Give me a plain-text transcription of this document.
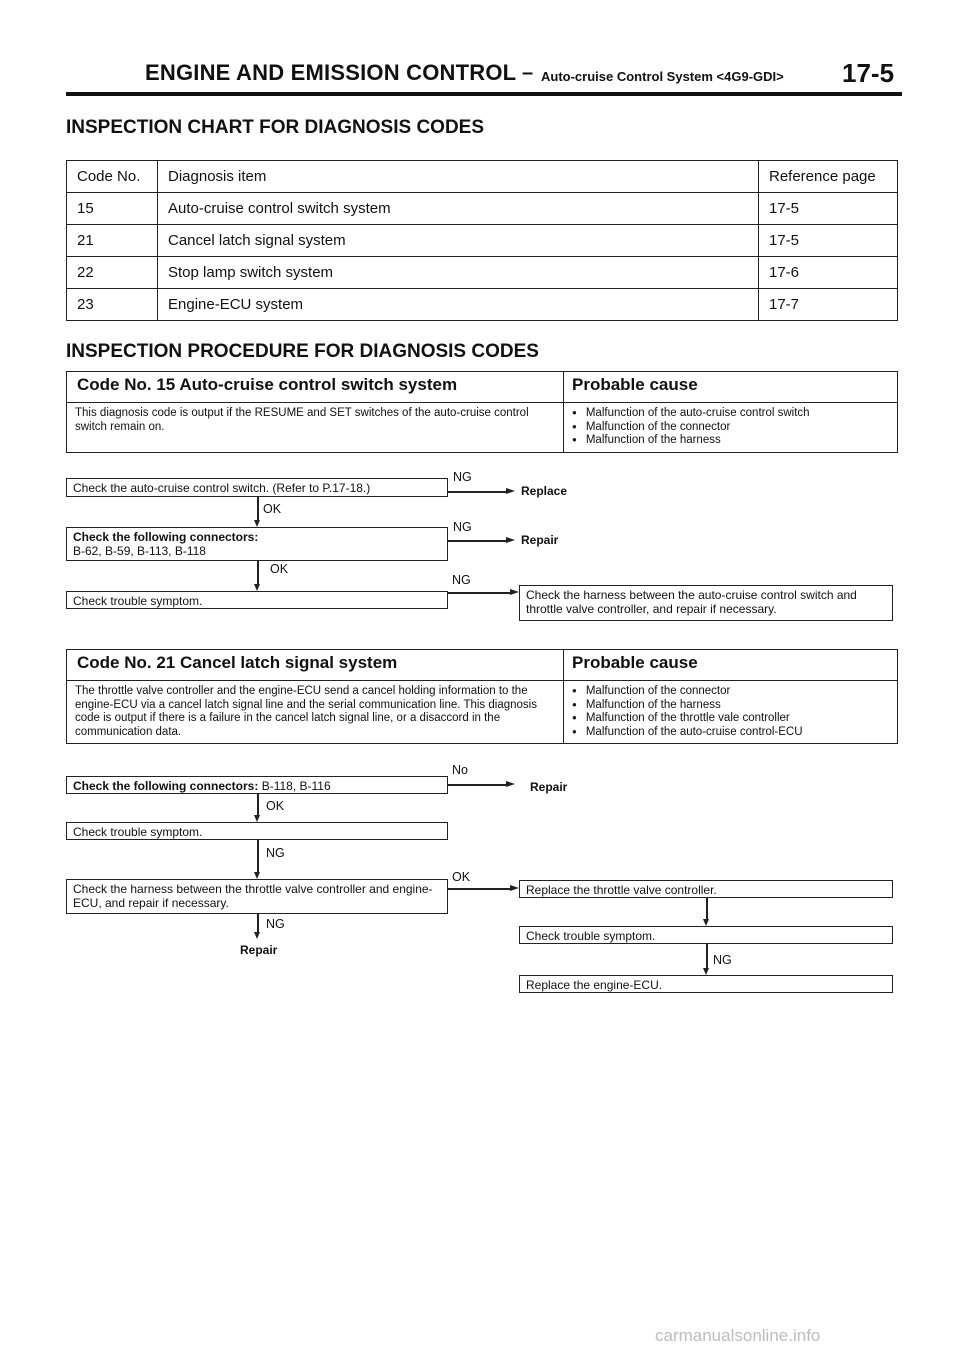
ENGINE AND EMISSION CONTROL – Auto-cruise Control System <4G9-GDI> 17-5
INSPECTION CHART FOR DIAGNOSIS CODES
Code No.	Diagnosis item	Reference page
15	Auto-cruise control switch system	17-5
21	Cancel latch signal system	17-5
22	Stop lamp switch system	17-6
23	Engine-ECU system	17-7
INSPECTION PROCEDURE FOR DIAGNOSIS CODES
Code No. 15 Auto-cruise control switch system	Probable cause
This diagnosis code is output if the RESUME and SET switches of the auto-cruise control switch remain on.
● Malfunction of the auto-cruise control switch
● Malfunction of the connector
● Malfunction of the harness
Check the auto-cruise control switch. (Refer to P.17-18.)
NG
Replace
OK
Check the following connectors:
B-62, B-59, B-113, B-118
NG
Repair
OK
Check trouble symptom.
NG
Check the harness between the auto-cruise control switch and throttle valve controller, and repair if necessary.
Code No. 21 Cancel latch signal system	Probable cause
The throttle valve controller and the engine-ECU send a cancel holding information to the engine-ECU via a cancel latch signal line and the serial communication line. This diagnosis code is output if there is a failure in the cancel latch signal line, or a disaccord in the communication data.
● Malfunction of the connector
● Malfunction of the harness
● Malfunction of the throttle vale controller
● Malfunction of the auto-cruise control-ECU
Check the following connectors: B-118, B-116
No
Repair
OK
Check trouble symptom.
NG
Check the harness between the throttle valve controller and engine-ECU, and repair if necessary.
OK
NG
Repair
Replace the throttle valve controller.
Check trouble symptom.
NG
Replace the engine-ECU.
carmanualsonline.info
